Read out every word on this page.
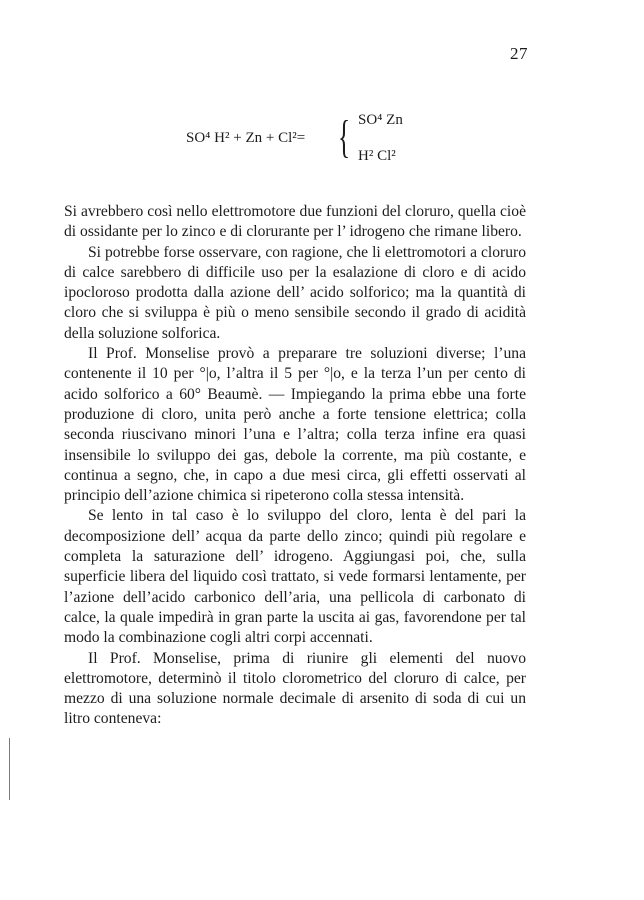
27
SO⁴ H² + Zn + Cl²= { SO⁴ Zn
H² Cl²

Si avrebbero così nello elettromotore due funzioni del cloruro, quella cioè di ossidante per lo zinco e di clorurante per l’ idrogeno che rimane libero.

Si potrebbe forse osservare, con ragione, che li elettromotori a cloruro di calce sarebbero di difficile uso per la esalazione di cloro e di acido ipocloroso prodotta dalla azione dell’ acido solforico; ma la quantità di cloro che si sviluppa è più o meno sensibile secondo il grado di acidità della soluzione solforica.

Il Prof. Monselise provò a preparare tre soluzioni diverse; l’una contenente il 10 per °|o, l’altra il 5 per °|o, e la terza l’un per cento di acido solforico a 60° Beaumè. — Impiegando la prima ebbe una forte produzione di cloro, unita però anche a forte tensione elettrica; colla seconda riuscivano minori l’una e l’altra; colla terza infine era quasi insensibile lo sviluppo dei gas, debole la corrente, ma più costante, e continua a segno, che, in capo a due mesi circa, gli effetti osservati al principio dell’azione chimica si ripeterono colla stessa intensità.

Se lento in tal caso è lo sviluppo del cloro, lenta è del pari la decomposizione dell’ acqua da parte dello zinco; quindi più regolare e completa la saturazione dell’ idrogeno. Aggiungasi poi, che, sulla superficie libera del liquido così trattato, si vede formarsi lentamente, per l’azione dell’acido carbonico dell’aria, una pellicola di carbonato di calce, la quale impedirà in gran parte la uscita ai gas, favorendone per tal modo la combinazione cogli altri corpi accennati.

Il Prof. Monselise, prima di riunire gli elementi del nuovo elettromotore, determinò il titolo clorometrico del cloruro di calce, per mezzo di una soluzione normale decimale di arsenito di soda di cui un litro conteneva:
